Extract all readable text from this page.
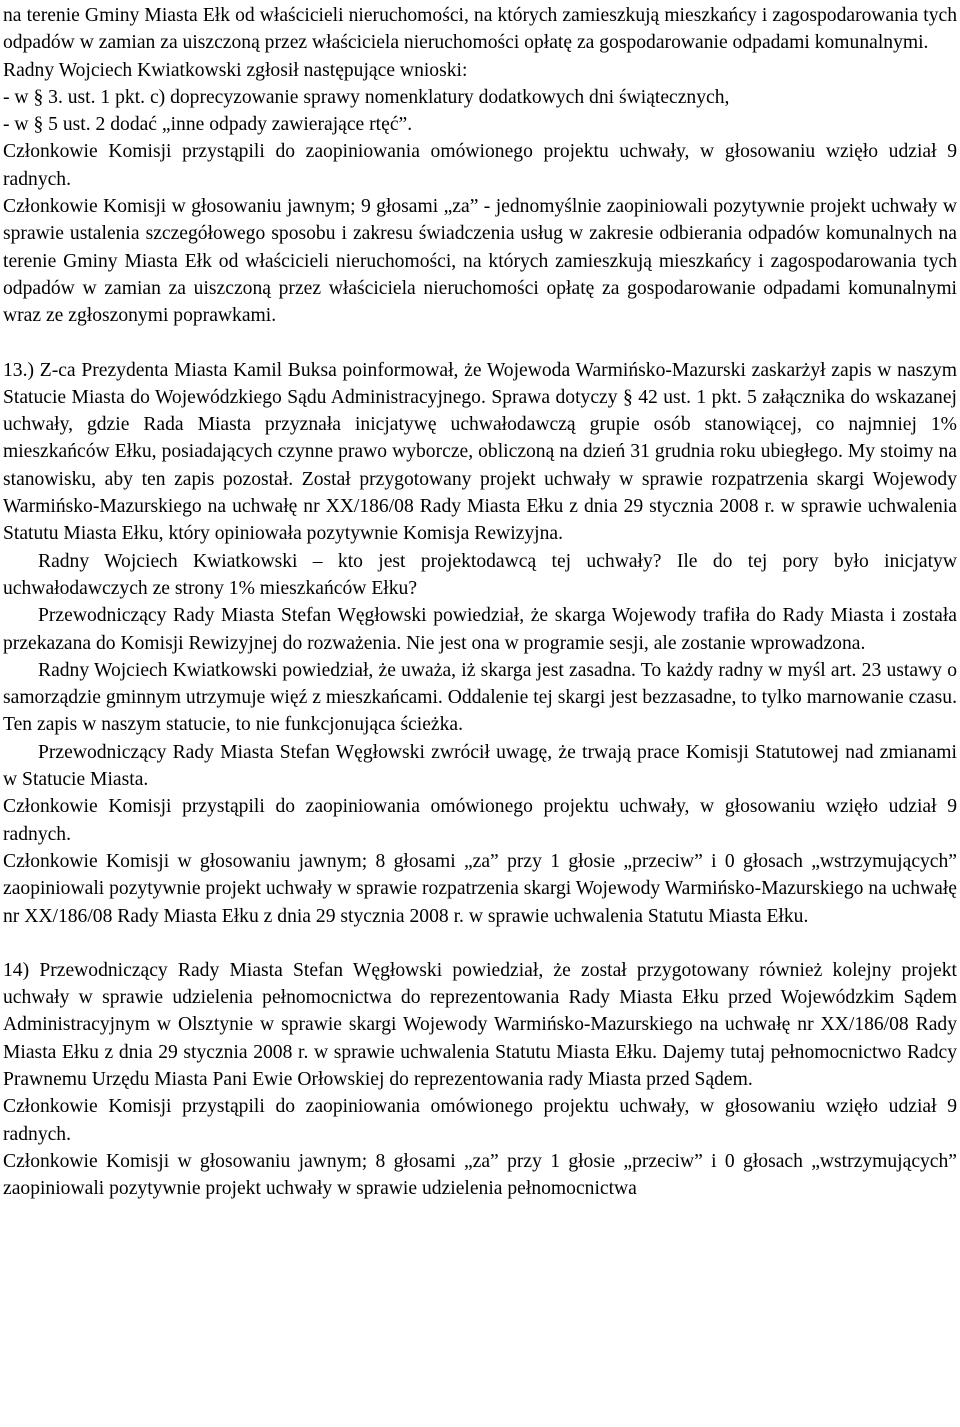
na terenie Gminy Miasta Ełk od właścicieli nieruchomości, na których zamieszkują mieszkańcy i zagospodarowania tych odpadów w zamian za uiszczoną przez właściciela nieruchomości opłatę za gospodarowanie odpadami komunalnymi.

Radny Wojciech Kwiatkowski zgłosił następujące wnioski:

- w § 3. ust. 1 pkt. c) doprecyzowanie sprawy nomenklatury dodatkowych dni świątecznych,

- w § 5 ust. 2 dodać „inne odpady zawierające rtęć”.

Członkowie Komisji przystąpili do zaopiniowania omówionego projektu uchwały, w głosowaniu wzięło udział 9 radnych.

Członkowie Komisji w głosowaniu jawnym; 9 głosami „za” - jednomyślnie zaopiniowali pozytywnie projekt uchwały w sprawie ustalenia szczegółowego sposobu i zakresu świadczenia usług w zakresie odbierania odpadów komunalnych na terenie Gminy Miasta Ełk od właścicieli nieruchomości, na których zamieszkują mieszkańcy i zagospodarowania tych odpadów w zamian za uiszczoną przez właściciela nieruchomości opłatę za gospodarowanie odpadami komunalnymi wraz ze zgłoszonymi poprawkami.

13.) Z-ca Prezydenta Miasta Kamil Buksa poinformował, że Wojewoda Warmińsko-Mazurski zaskarżył zapis w naszym Statucie Miasta do Wojewódzkiego Sądu Administracyjnego. Sprawa dotyczy § 42 ust. 1 pkt. 5 załącznika do wskazanej uchwały, gdzie Rada Miasta przyznała inicjatywę uchwałodawczą grupie osób stanowiącej, co najmniej 1% mieszkańców Ełku, posiadających czynne prawo wyborcze, obliczoną na dzień 31 grudnia roku ubiegłego. My stoimy na stanowisku, aby ten zapis pozostał. Został przygotowany projekt uchwały w sprawie rozpatrzenia skargi Wojewody Warmińsko-Mazurskiego na uchwałę nr XX/186/08 Rady Miasta Ełku z dnia 29 stycznia 2008 r. w sprawie uchwalenia Statutu Miasta Ełku, który opiniowała pozytywnie Komisja Rewizyjna.

Radny Wojciech Kwiatkowski – kto jest projektodawcą tej uchwały? Ile do tej pory było inicjatyw uchwałodawczych ze strony 1% mieszkańców Ełku?

Przewodniczący Rady Miasta Stefan Węgłowski powiedział, że skarga Wojewody trafiła do Rady Miasta i została przekazana do Komisji Rewizyjnej do rozważenia. Nie jest ona w programie sesji, ale zostanie wprowadzona.

Radny Wojciech Kwiatkowski powiedział, że uważa, iż skarga jest zasadna. To każdy radny w myśl art. 23 ustawy o samorządzie gminnym utrzymuje więź z mieszkańcami. Oddalenie tej skargi jest bezzasadne, to tylko marnowanie czasu. Ten zapis w naszym statucie, to nie funkcjonująca ścieżka.

Przewodniczący Rady Miasta Stefan Węgłowski zwrócił uwagę, że trwają prace Komisji Statutowej nad zmianami w Statucie Miasta.

Członkowie Komisji przystąpili do zaopiniowania omówionego projektu uchwały, w głosowaniu wzięło udział 9 radnych.

Członkowie Komisji w głosowaniu jawnym; 8 głosami „za” przy 1 głosie „przeciw” i 0 głosach „wstrzymujących” zaopiniowali pozytywnie projekt uchwały w sprawie rozpatrzenia skargi Wojewody Warmińsko-Mazurskiego na uchwałę nr XX/186/08 Rady Miasta Ełku z dnia 29 stycznia 2008 r. w sprawie uchwalenia Statutu Miasta Ełku.

14) Przewodniczący Rady Miasta Stefan Węgłowski powiedział, że został przygotowany również kolejny projekt uchwały w sprawie udzielenia pełnomocnictwa do reprezentowania Rady Miasta Ełku przed Wojewódzkim Sądem Administracyjnym w Olsztynie w sprawie skargi Wojewody Warmińsko-Mazurskiego na uchwałę nr XX/186/08 Rady Miasta Ełku z dnia 29 stycznia 2008 r. w sprawie uchwalenia Statutu Miasta Ełku. Dajemy tutaj pełnomocnictwo Radcy Prawnemu Urzędu Miasta Pani Ewie Orłowskiej do reprezentowania rady Miasta przed Sądem.

Członkowie Komisji przystąpili do zaopiniowania omówionego projektu uchwały, w głosowaniu wzięło udział 9 radnych.

Członkowie Komisji w głosowaniu jawnym; 8 głosami „za” przy 1 głosie „przeciw” i 0 głosach „wstrzymujących” zaopiniowali pozytywnie projekt uchwały w sprawie udzielenia pełnomocnictwa
